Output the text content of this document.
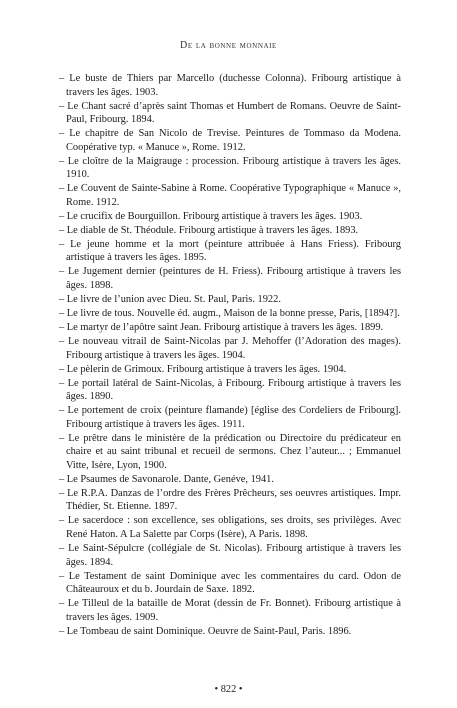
De la bonne monnaie
– Le buste de Thiers par Marcello (duchesse Colonna). Fribourg artistique à travers les âges. 1903.
– Le Chant sacré d’après saint Thomas et Humbert de Romans. Oeuvre de Saint-Paul, Fribourg. 1894.
– Le chapitre de San Nicolo de Trevise. Peintures de Tommaso da Modena. Coopérative typ. « Manuce », Rome. 1912.
– Le cloître de la Maigrauge : procession. Fribourg artistique à travers les âges. 1910.
– Le Couvent de Sainte-Sabine à Rome. Coopérative Typographique « Manuce », Rome. 1912.
– Le crucifix de Bourguillon. Fribourg artistique à travers les âges. 1903.
– Le diable de St. Théodule. Fribourg artistique à travers les âges. 1893.
– Le jeune homme et la mort (peinture attribuée à Hans Friess). Fribourg artistique à travers les âges. 1895.
– Le Jugement dernier (peintures de H. Friess). Fribourg artistique à travers les âges. 1898.
– Le livre de l’union avec Dieu. St. Paul, Paris. 1922.
– Le livre de tous. Nouvelle éd. augm., Maison de la bonne presse, Paris, [1894?].
– Le martyr de l’apôtre saint Jean. Fribourg artistique à travers les âges. 1899.
– Le nouveau vitrail de Saint-Nicolas par J. Mehoffer (l’Adoration des mages). Fribourg artistique à travers les âges. 1904.
– Le pèlerin de Grimoux. Fribourg artistique à travers les âges. 1904.
– Le portail latéral de Saint-Nicolas, à Fribourg. Fribourg artistique à travers les âges. 1890.
– Le portement de croix (peinture flamande) [église des Cordeliers de Fribourg]. Fribourg artistique à travers les âges. 1911.
– Le prêtre dans le ministère de la prédication ou Directoire du prédicateur en chaire et au saint tribunal et recueil de sermons. Chez l’auteur... ; Emmanuel Vitte, Isère, Lyon, 1900.
– Le Psaumes de Savonarole. Dante, Genéve, 1941.
– Le R.P.A. Danzas de l’ordre des Frères Prêcheurs, ses oeuvres artistiques. Impr. Thédier, St. Etienne. 1897.
– Le sacerdoce : son excellence, ses obligations, ses droits, ses privilèges. Avec René Haton. A La Salette par Corps (Isère), A Paris. 1898.
– Le Saint-Sépulcre (collégiale de St. Nicolas). Fribourg artistique à travers les âges. 1894.
– Le Testament de saint Dominique avec les commentaires du card. Odon de Châteauroux et du b. Jourdain de Saxe. 1892.
– Le Tilleul de la bataille de Morat (dessin de Fr. Bonnet). Fribourg artistique à travers les âges. 1909.
– Le Tombeau de saint Dominique. Oeuvre de Saint-Paul, Paris. 1896.
• 822 •
